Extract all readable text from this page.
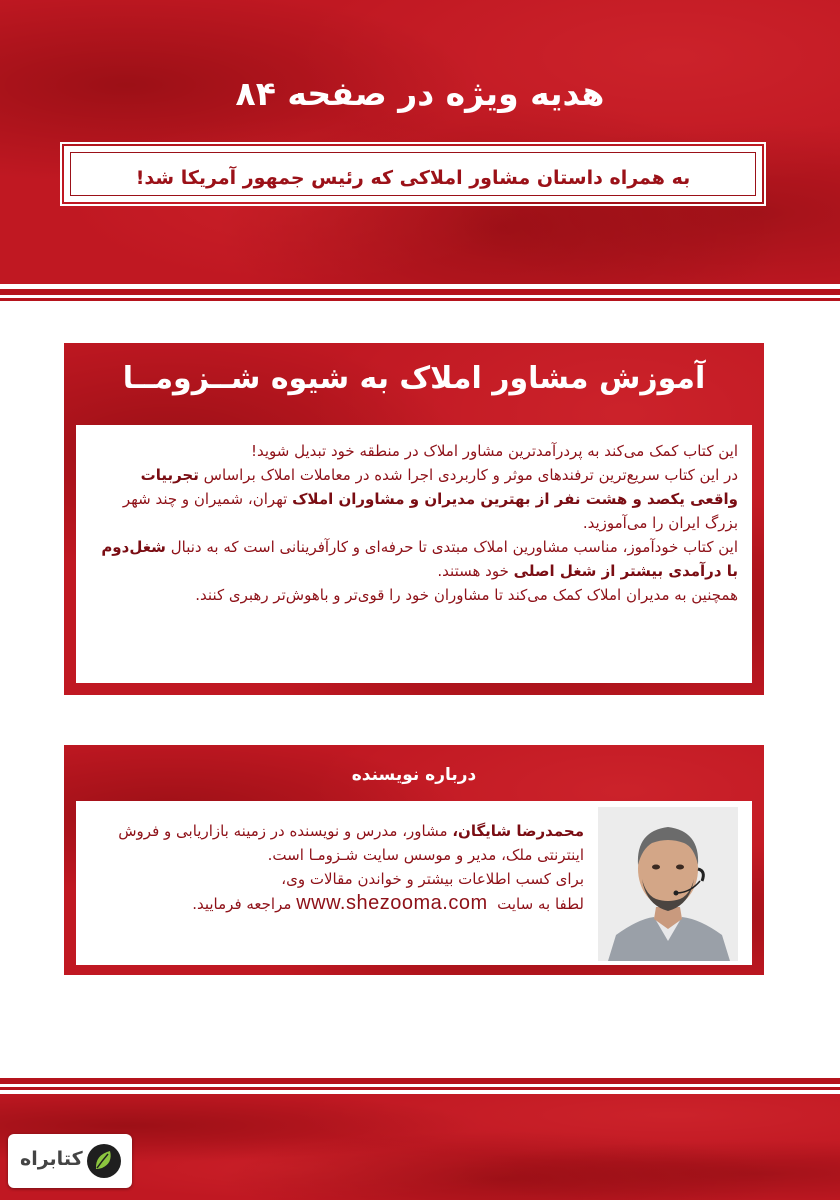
هدیه ویژه در صفحه ۸۴
به همراه داستان مشاور املاکی که رئیس جمهور آمریکا شد!
آموزش مشاور املاک به شیوه شــزومــا

این کتاب کمک می‌کند به پردرآمدترین مشاور املاک در منطقه خود تبدیل شوید!

در این کتاب سریع‌ترین ترفندهای موثر و کاربردی اجرا شده در معاملات املاک براساس تجربیات واقعی یکصد و هشت نفر از بهترین مدیران و مشاوران املاک تهران، شمیران و چند شهر بزرگ ایران را می‌آموزید.

این کتاب خودآموز، مناسب مشاورین املاک مبتدی تا حرفه‌ای و کارآفرینانی است که به دنبال شغل‌دوم با درآمدی بیشتر از شغل اصلی خود هستند.

همچنین به مدیران املاک کمک می‌کند تا مشاوران خود را قوی‌تر و باهوش‌تر رهبری کنند.

درباره نویسنده

محمدرضا شایگان، مشاور، مدرس و نویسنده در زمینه بازاریابی و فروش اینترنتی ملک، مدیر و موسس سایت شـزومـا است.

برای کسب اطلاعات بیشتر و خواندن مقالات وی،

لطفا به سایت  www.shezooma.com مراجعه فرمایید.

کتابراه
